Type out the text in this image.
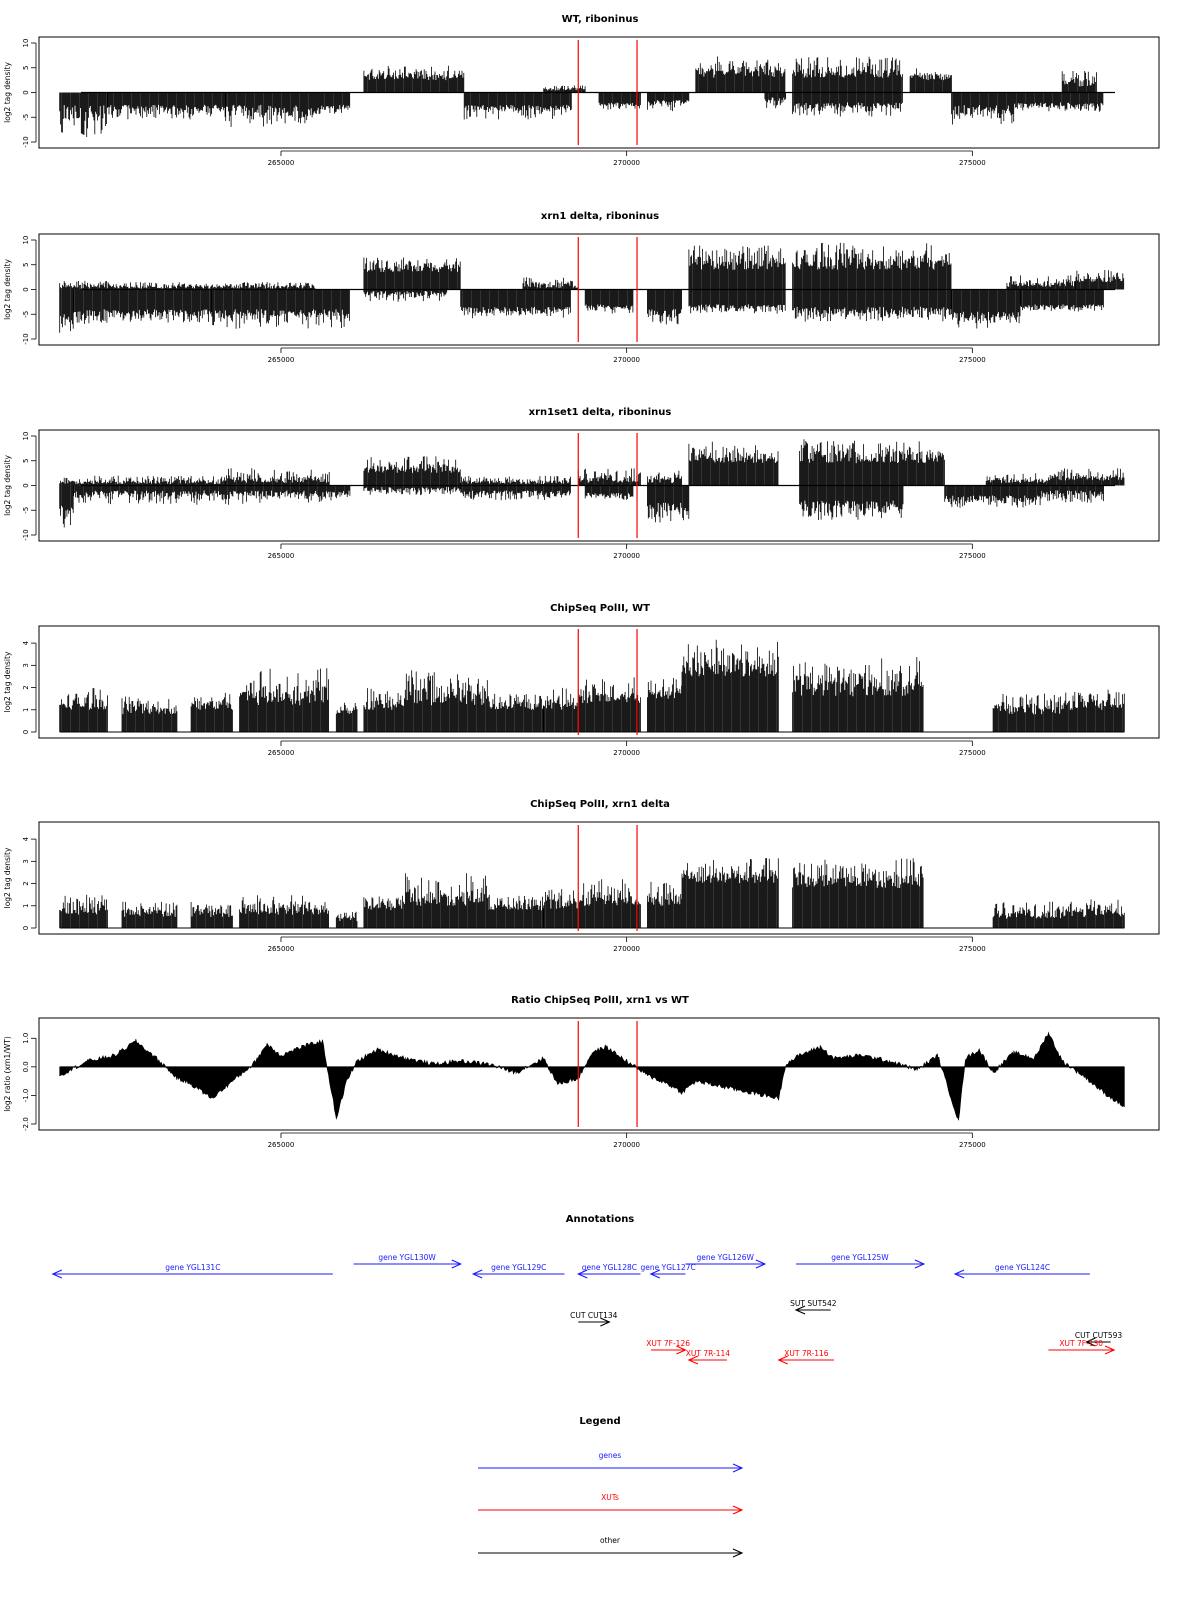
WT, riboninus
-10
-5
0
5
10
log2 tag density
265000	270000	275000
xrn1 delta, riboninus
-10
-5
0
5
10
log2 tag density
265000	270000	275000
xrn1set1 delta, riboninus
-10
-5
0
5
10
log2 tag density
265000	270000	275000
ChipSeq PolII, WT
0
1
2
3
4
log2 tag density
265000	270000	275000
ChipSeq PolII, xrn1 delta
0
1
2
3
4
log2 tag density
265000	270000	275000
Ratio ChipSeq PolII, xrn1 vs WT
-2.0
-1.0
0.0
1.0
log2 ratio (xrn1/WT)
265000	270000	275000
Annotations
gene YGL131C
gene YGL130W
gene YGL129C	gene YGL128C gene YGL127C
gene YGL126W	gene YGL125W
gene YGL124C
CUT CUT134
SUT SUT542
CUT CUT593
XUT 7F-126
XUT 7R-114	XUT 7R-116
XUT 7F-130
Legend
genes
XUTs
other
